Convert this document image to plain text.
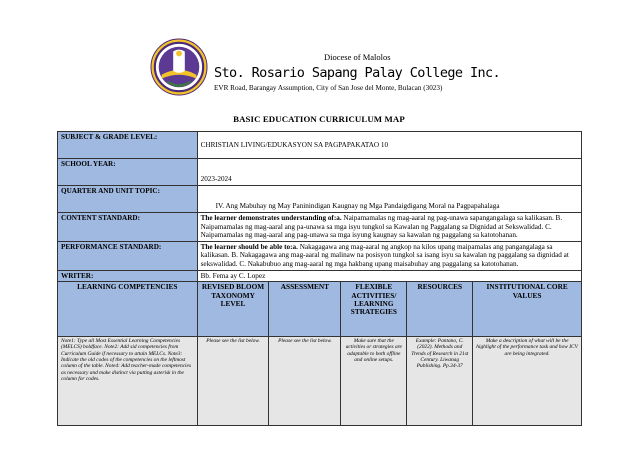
Diocese of Malolos
Sto. Rosario Sapang Palay College Inc.
EVR Road, Barangay Assumption, City of San Jose del Monte, Bulacan (3023)
BASIC EDUCATION CURRICULUM MAP
SUBJECT & GRADE LEVEL:	CHRISTIAN LIVING/EDUKASYON SA PAGPAPAKATAO 10				
SCHOOL YEAR:	2023-2024				
QUARTER AND UNIT TOPIC:	IV. Ang Mabuhay ng May Paninindigan Kaugnay ng Mga Pandaigdigang Moral na Pagpapahalaga				
CONTENT STANDARD:	The learner demonstrates understanding of:a. Naipamamalas ng mag-aaral ng pag-unawa sapangangalaga sa kalikasan. B. Naipamamalas ng mag-aaral ang pa-unawa sa mga isyu tungkol sa Kawalan ng Paggalang sa Dignidad at Sekswalidad. C. Naipamamalas ng mag-aaral ang pag-unawa sa mga isyung kaugnay sa kawalan ng paggalang sa katotohanan.				
PERFORMANCE STANDARD:	The learner should be able to:a. Nakagagawa ang mag-aaral ng angkop na kilos upang maipamalas ang pangangalaga sa kalikasan. B. Nakagagawa ang mag-aaral ng malinaw na posisyon tungkol sa isang isyu sa kawalan ng paggalang sa dignidad at sekswalidad. C. Nakabubuo ang mag-aaral ng mga hakbang upang maisabuhay ang paggalang sa katotohanan.				
WRITER:	Bb. Fema ay C. Lopez				
LEARNING COMPETENCIES	REVISED BLOOM TAXONOMY LEVEL	ASSESSMENT	FLEXIBLE ACTIVITIES/ LEARNING STRATEGIES	RESOURCES	INSTITUTIONAL CORE VALUES
Note1: Type all Most Essential Learning Competencies (MELCS) boldface. Note2: Add sid competencies from Curriculum Guide if necessary to attain MELCs. Note3: Indicate the old codes of the competencies on the leftmost column of the table. Note4: Add teacher-made competencies as necessary and make distinct via putting asterisk in the column for codes.	Please see the list below.	Please see the list below.	Make sure that the activities or strategies are adaptable to both offline and online setups.	Example: Pantano, C. (2022). Methods and Trends of Research in 21st Century. Liwanag Publishing. Pp.34-37	Make a description of what will be the highlight of the performance task and how ICV are being integrated.
